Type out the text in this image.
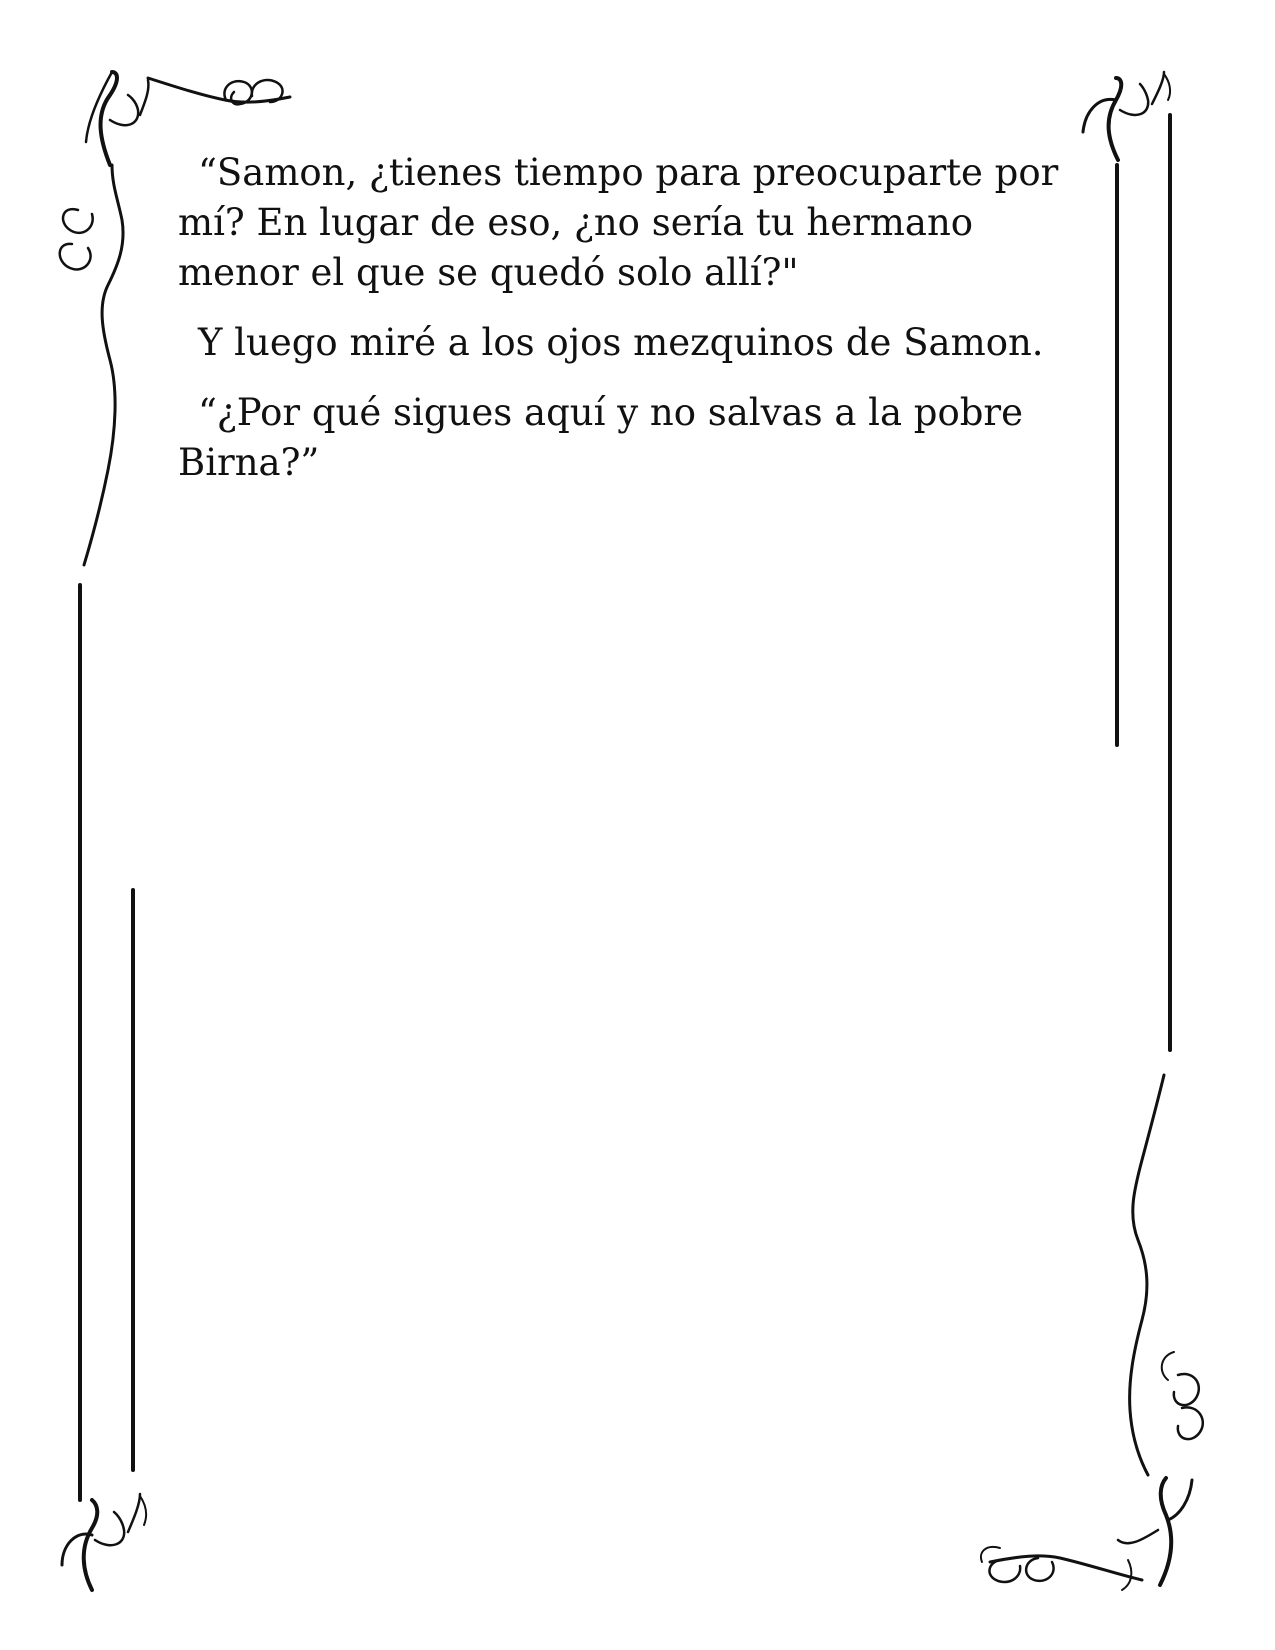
“Samon, ¿tienes tiempo para preocuparte por mí? En lugar de eso, ¿no sería tu hermano menor el que se quedó solo allí?"

Y luego miré a los ojos mezquinos de Samon.

“¿Por qué sigues aquí y no salvas a la pobre Birna?”
